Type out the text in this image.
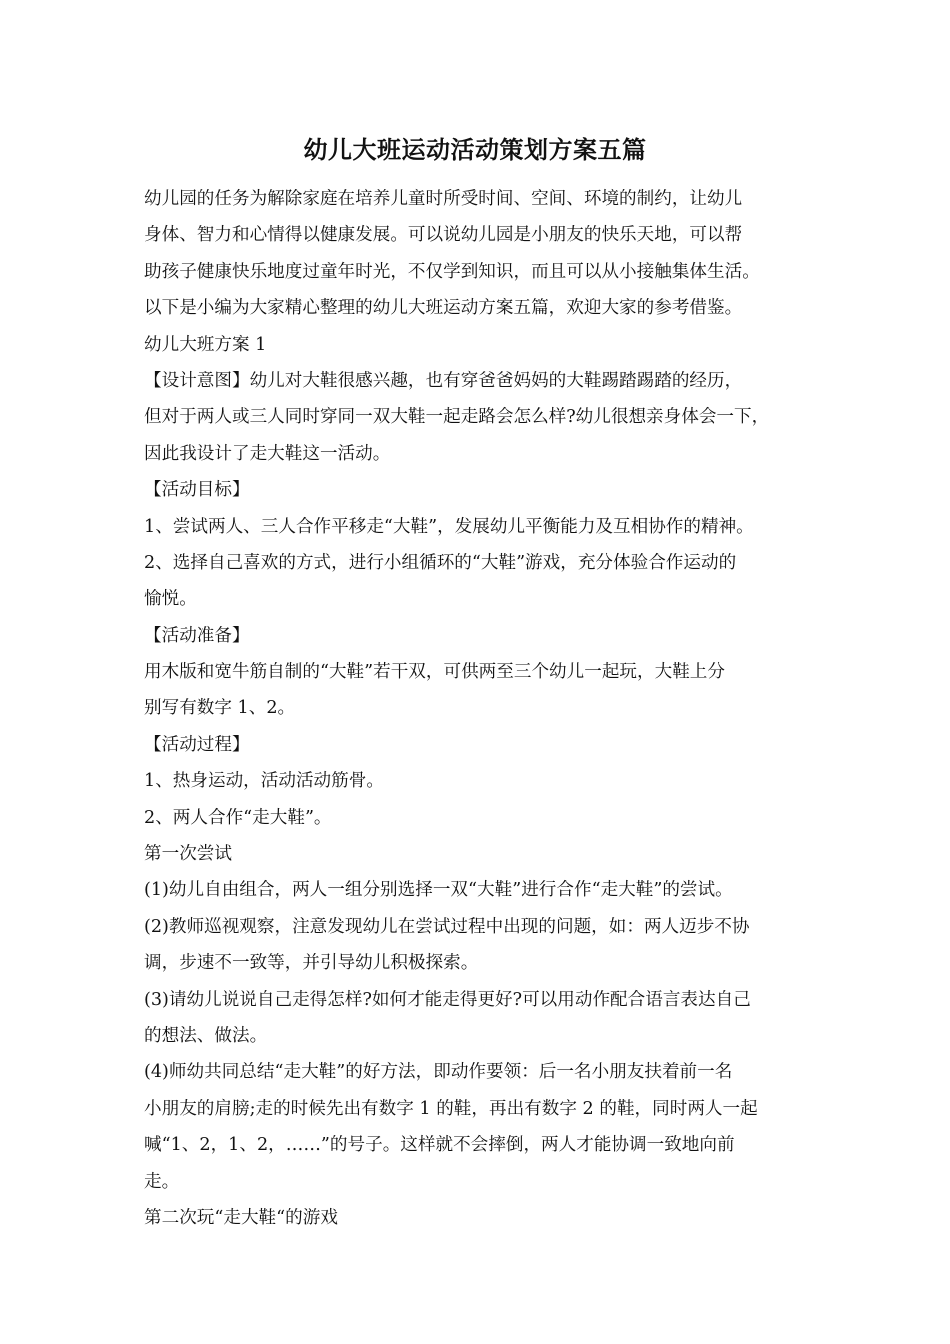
幼儿大班运动活动策划方案五篇
幼儿园的任务为解除家庭在培养儿童时所受时间、空间、环境的制约，让幼儿
身体、智力和心情得以健康发展。可以说幼儿园是小朋友的快乐天地，可以帮
助孩子健康快乐地度过童年时光，不仅学到知识，而且可以从小接触集体生活。
以下是小编为大家精心整理的幼儿大班运动方案五篇，欢迎大家的参考借鉴。
幼儿大班方案 1
【设计意图】幼儿对大鞋很感兴趣，也有穿爸爸妈妈的大鞋踢踏踢踏的经历，
但对于两人或三人同时穿同一双大鞋一起走路会怎么样?幼儿很想亲身体会一下，
因此我设计了走大鞋这一活动。
【活动目标】
1、尝试两人、三人合作平移走“大鞋”，发展幼儿平衡能力及互相协作的精神。
2、选择自己喜欢的方式，进行小组循环的“大鞋”游戏，充分体验合作运动的
愉悦。
【活动准备】
用木版和宽牛筋自制的“大鞋”若干双，可供两至三个幼儿一起玩，大鞋上分
别写有数字 1、2。
【活动过程】
1、热身运动，活动活动筋骨。
2、两人合作“走大鞋”。
第一次尝试
(1)幼儿自由组合，两人一组分别选择一双“大鞋”进行合作“走大鞋”的尝试。
(2)教师巡视观察，注意发现幼儿在尝试过程中出现的问题，如：两人迈步不协
调，步速不一致等，并引导幼儿积极探索。
(3)请幼儿说说自己走得怎样?如何才能走得更好?可以用动作配合语言表达自己
的想法、做法。
(4)师幼共同总结“走大鞋”的好方法，即动作要领：后一名小朋友扶着前一名
小朋友的肩膀;走的时候先出有数字 1 的鞋，再出有数字 2 的鞋，同时两人一起
喊“1、2，1、2，……”的号子。这样就不会摔倒，两人才能协调一致地向前
走。
第二次玩“走大鞋“的游戏
